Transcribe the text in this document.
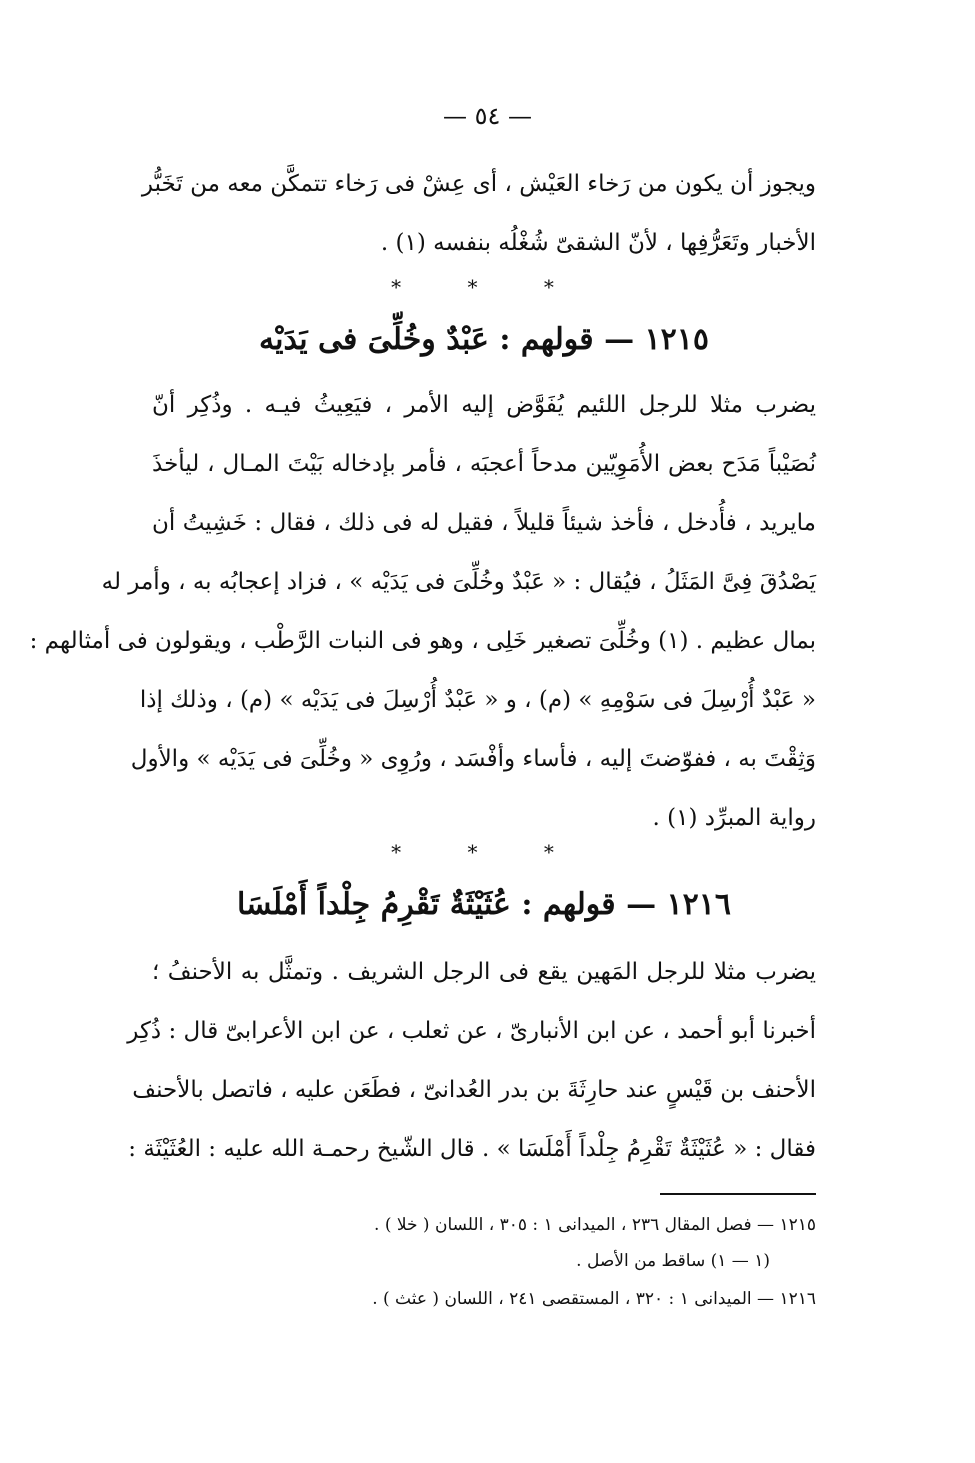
— ٥٤ —
ويجوز أن يكون من رَخاء العَيْش ، أى عِشْ فى رَخاء تتمكَّن معه من تَخَبُّر
الأخبار وتَعَرُّفِها ، لأنّ الشقىّ شُغْلُه بنفسه (١) .
* * *
١٢١٥ — قولهم : عَبْدٌ وخُلِّىَ فى يَدَيْه
يضرب مثلا للرجل اللئيم يُفَوَّض إليه الأمر ، فيَعِيثُ فيـه . وذُكِر أنّ
نُصَيْباً مَدَح بعض الأُمَوِيّين مدحاً أعجبَه ، فأمر بإدخاله بَيْتَ المـال ، ليأخذَ
مايريد ، فأُدخل ، فأخذ شيئاً قليلاً ، فقيل له فى ذلك ، فقال : خَشِيتُ أن
يَصْدُقَ فِىَّ المَثَلُ ، فيُقال : « عَبْدٌ وخُلِّىَ فى يَدَيْه » ، فزاد إعجابُه به ، وأمر له
بمال عظيم . (١) وخُلِّىَ تصغير خَلِى ، وهو فى النبات الرَّطْب ، ويقولون فى أمثالهم :
« عَبْدٌ أُرْسِلَ فى سَوْمِهِ » (م) ، و « عَبْدٌ أُرْسِلَ فى يَدَيْه » (م) ، وذلك إذا
وَثِقْتَ به ، ففوّضتَ إليه ، فأساء وأفْسَد ، ورُوِى « وخُلِّىَ فى يَدَيْه » والأول
رواية المبرِّد (١) .
* * *
١٢١٦ — قولهم : عُثَيْثَةٌ تَقْرِمُ جِلْداً أَمْلَسَا
يضرب مثلا للرجل المَهين يقع فى الرجل الشريف . وتمثَّل به الأحنفُ ؛
أخبرنا أبو أحمد ، عن ابن الأنبارىّ ، عن ثعلب ، عن ابن الأعرابىّ قال : ذُكِر
الأحنف بن قَيْسٍ عند حارِثَةَ بن بدر العُدانىّ ، فطَعَن عليه ، فاتصل بالأحنف
فقال : « عُثَيْثَةٌ تَقْرِمُ جِلْداً أَمْلَسَا » . قال الشّيخ رحمـة الله عليه : العُثَيْثَة :
١٢١٥ — فصل المقال ٢٣٦ ، الميدانى ١ : ٣٠٥ ، اللسان ( خلا ) .
(١ — ١) ساقط من الأصل .
١٢١٦ — الميدانى ١ : ٣٢٠ ، المستقصى ٢٤١ ، اللسان ( عثث ) .
